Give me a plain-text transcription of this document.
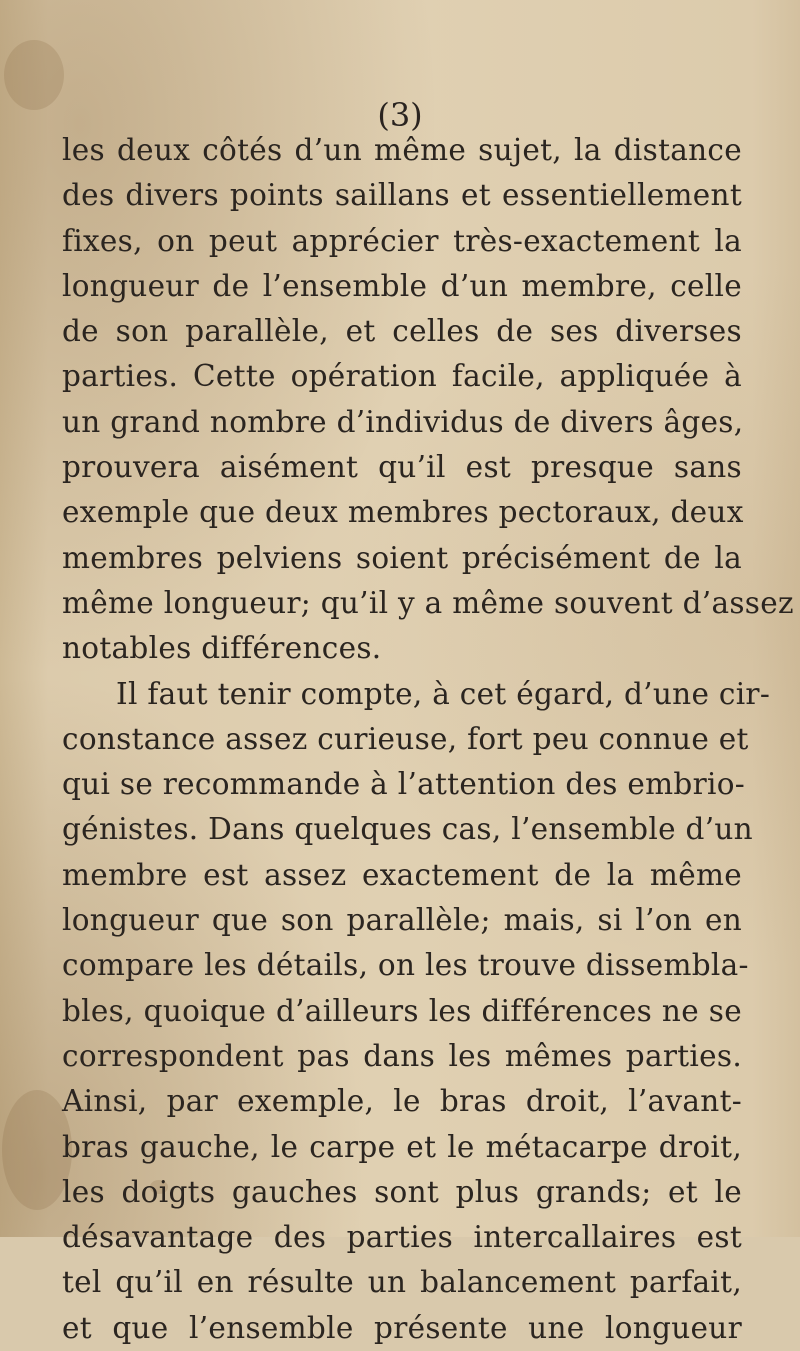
(3)
les deux côtés d’un même sujet, la distance
des divers points saillans et essentiellement
fixes, on peut apprécier très-exactement la
longueur de l’ensemble d’un membre, celle
de son parallèle, et celles de ses diverses
parties. Cette opération facile, appliquée à
un grand nombre d’individus de divers âges,
prouvera aisément qu’il est presque sans
exemple que deux membres pectoraux, deux
membres pelviens soient précisément de la
même longueur; qu’il y a même souvent d’assez
notables différences.
Il faut tenir compte, à cet égard, d’une cir-
constance assez curieuse, fort peu connue et
qui se recommande à l’attention des embrio-
génistes. Dans quelques cas, l’ensemble d’un
membre est assez exactement de la même
longueur que son parallèle; mais, si l’on en
compare les détails, on les trouve dissembla-
bles, quoique d’ailleurs les différences ne se
correspondent pas dans les mêmes parties.
Ainsi, par exemple, le bras droit, l’avant-
bras gauche, le carpe et le métacarpe droit,
les doigts gauches sont plus grands; et le
désavantage des parties intercallaires est
tel qu’il en résulte un balancement parfait,
et que l’ensemble présente une longueur
